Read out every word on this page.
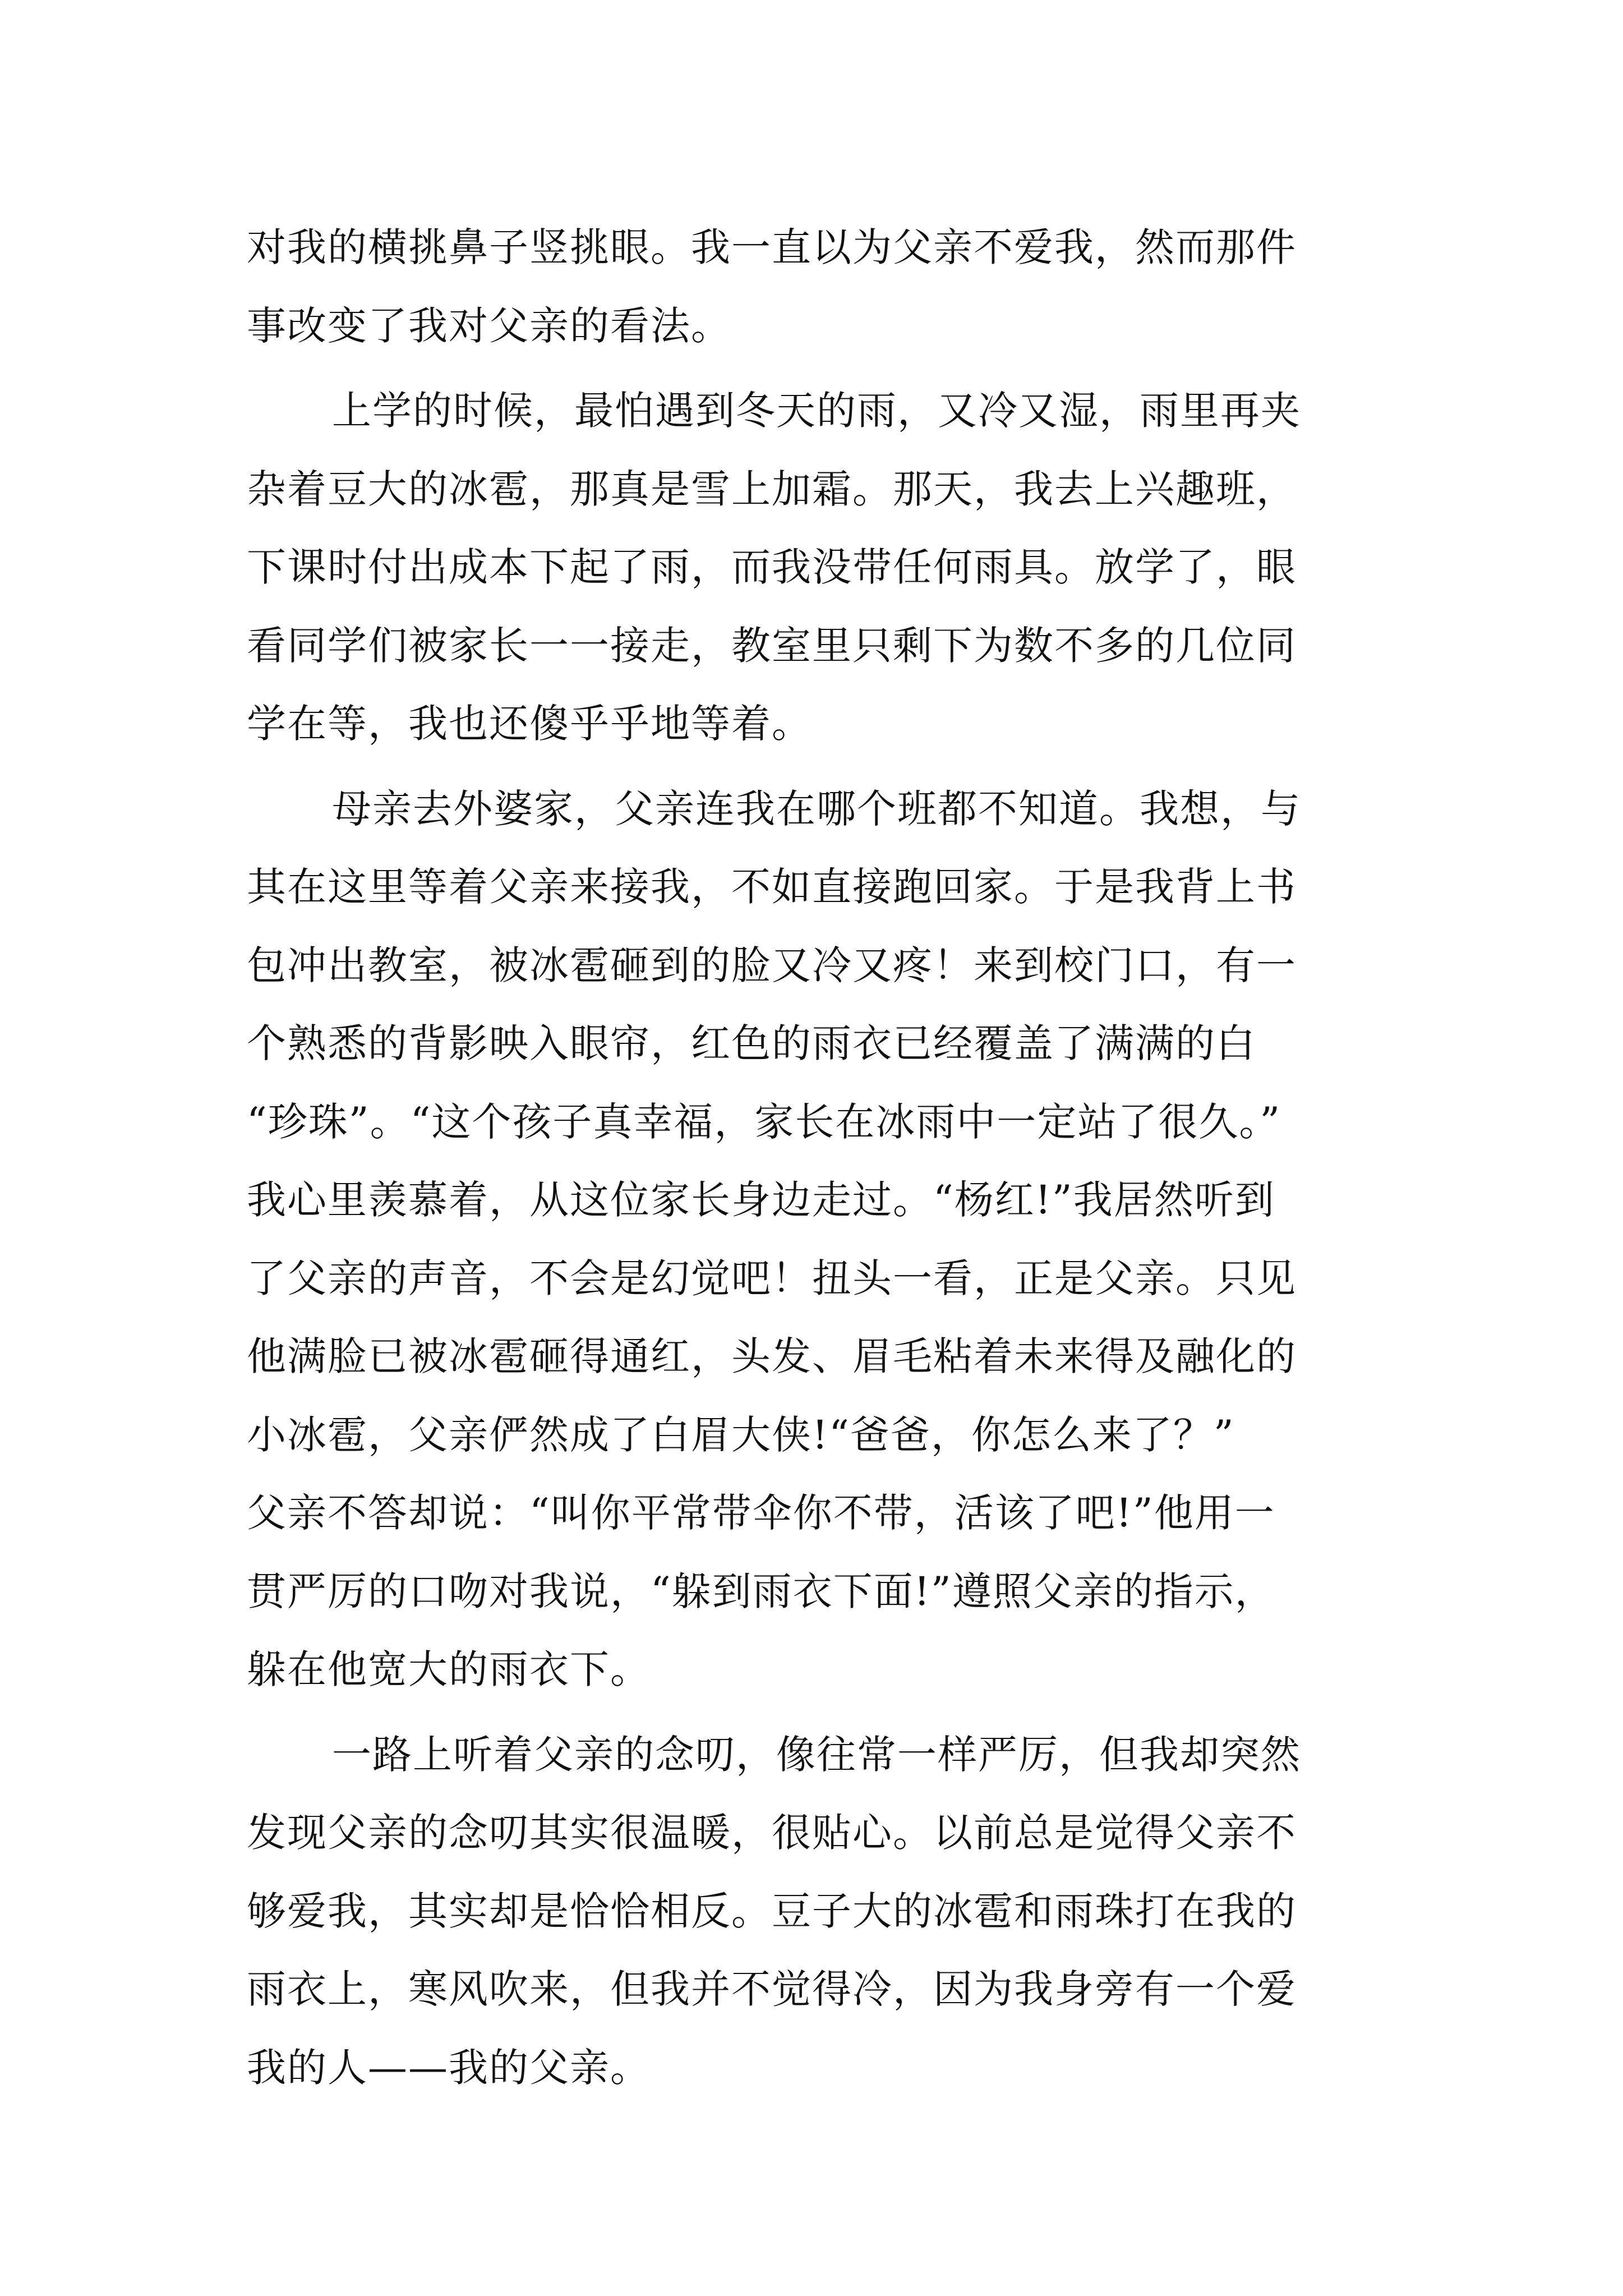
对我的横挑鼻子竖挑眼。我一直以为父亲不爱我，然而那件
事改变了我对父亲的看法。
上学的时候，最怕遇到冬天的雨，又冷又湿，雨里再夹
杂着豆大的冰雹，那真是雪上加霜。那天，我去上兴趣班，
下课时付出成本下起了雨，而我没带任何雨具。放学了，眼
看同学们被家长一一接走，教室里只剩下为数不多的几位同
学在等，我也还傻乎乎地等着。
母亲去外婆家，父亲连我在哪个班都不知道。我想，与
其在这里等着父亲来接我，不如直接跑回家。于是我背上书
包冲出教室，被冰雹砸到的脸又冷又疼！来到校门口，有一
个熟悉的背影映入眼帘，红色的雨衣已经覆盖了满满的白
“珍珠”。“这个孩子真幸福，家长在冰雨中一定站了很久。”
我心里羡慕着，从这位家长身边走过。“杨红!”我居然听到
了父亲的声音，不会是幻觉吧！扭头一看，正是父亲。只见
他满脸已被冰雹砸得通红，头发、眉毛粘着未来得及融化的
小冰雹，父亲俨然成了白眉大侠!“爸爸，你怎么来了？”
父亲不答却说：“叫你平常带伞你不带，活该了吧!”他用一
贯严厉的口吻对我说，“躲到雨衣下面!”遵照父亲的指示，
躲在他宽大的雨衣下。
一路上听着父亲的念叨，像往常一样严厉，但我却突然
发现父亲的念叨其实很温暖，很贴心。以前总是觉得父亲不
够爱我，其实却是恰恰相反。豆子大的冰雹和雨珠打在我的
雨衣上，寒风吹来，但我并不觉得冷，因为我身旁有一个爱
我的人——我的父亲。
